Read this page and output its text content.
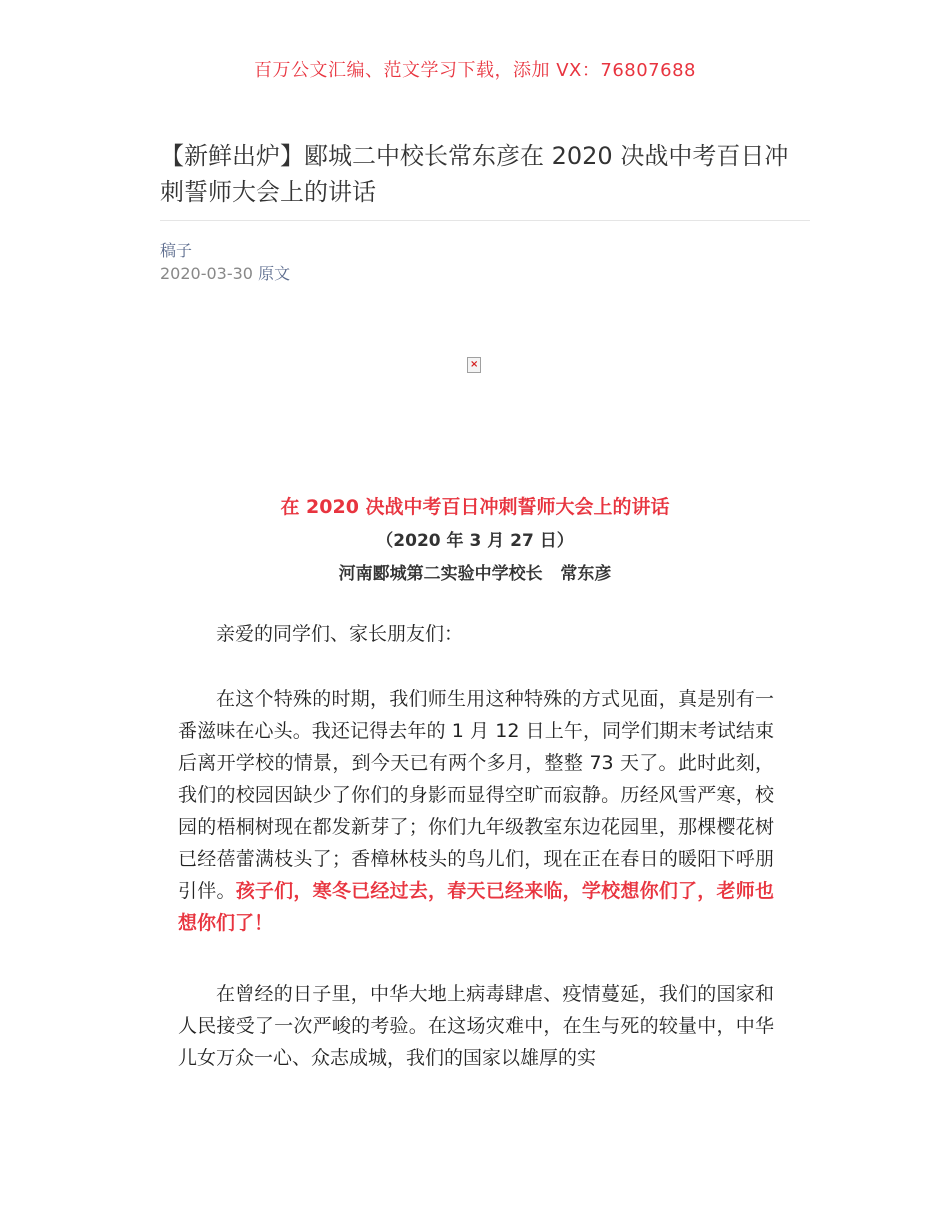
百万公文汇编、范文学习下载，添加 VX：76807688
【新鲜出炉】郾城二中校长常东彦在 2020 决战中考百日冲刺誓师大会上的讲话
稿子
2020-03-30 原文
×
在 2020 决战中考百日冲刺誓师大会上的讲话
（2020 年 3 月 27 日）
河南郾城第二实验中学校长   常东彦
亲爱的同学们、家长朋友们：
在这个特殊的时期，我们师生用这种特殊的方式见面，真是别有一番滋味在心头。我还记得去年的 1 月 12 日上午，同学们期末考试结束后离开学校的情景，到今天已有两个多月，整整 73 天了。此时此刻，我们的校园因缺少了你们的身影而显得空旷而寂静。历经风雪严寒，校园的梧桐树现在都发新芽了；你们九年级教室东边花园里，那棵樱花树已经蓓蕾满枝头了；香樟林枝头的鸟儿们，现在正在春日的暖阳下呼朋引伴。孩子们，寒冬已经过去，春天已经来临，学校想你们了，老师也想你们了！
在曾经的日子里，中华大地上病毒肆虐、疫情蔓延，我们的国家和人民接受了一次严峻的考验。在这场灾难中，在生与死的较量中，中华儿女万众一心、众志成城，我们的国家以雄厚的实
